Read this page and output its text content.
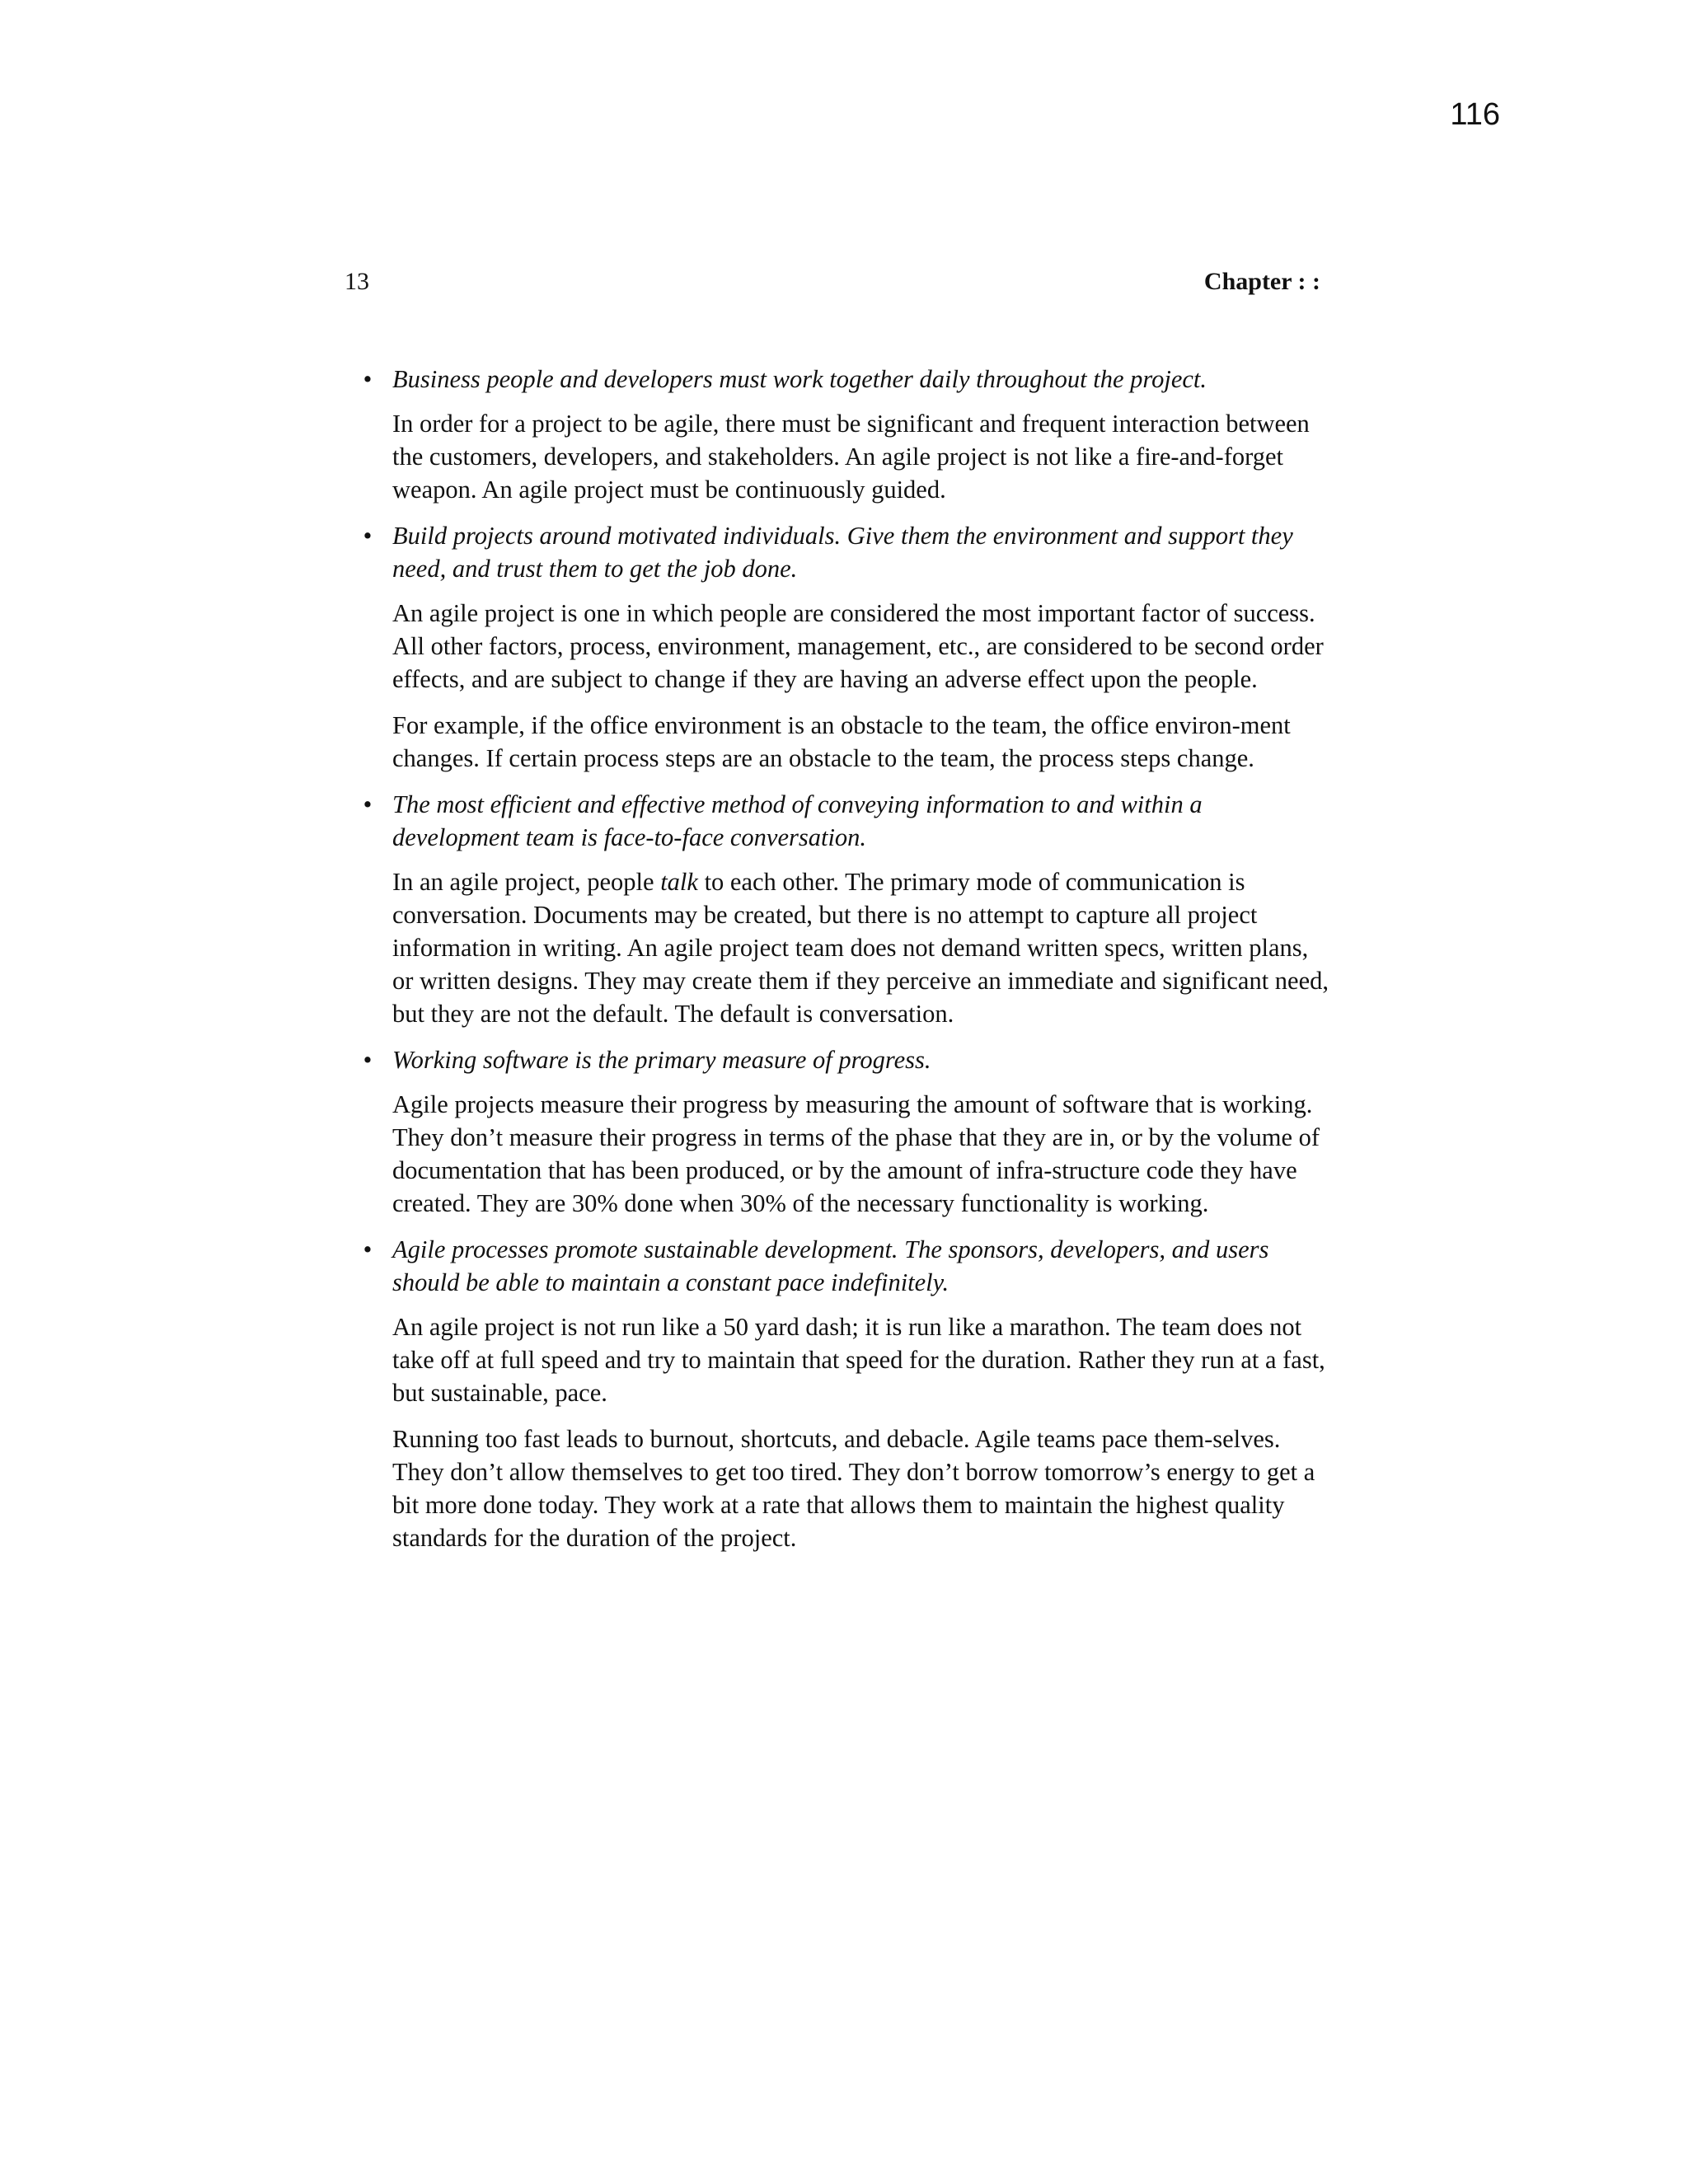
116
13	Chapter : :
• Business people and developers must work together daily throughout the project.

In order for a project to be agile, there must be significant and frequent interaction between the customers, developers, and stakeholders. An agile project is not like a fire-and-forget weapon. An agile project must be continuously guided.

• Build projects around motivated individuals. Give them the environment and support they need, and trust them to get the job done.

An agile project is one in which people are considered the most important factor of success. All other factors, process, environment, management, etc., are considered to be second order effects, and are subject to change if they are having an adverse effect upon the people.

For example, if the office environment is an obstacle to the team, the office environ-ment changes. If certain process steps are an obstacle to the team, the process steps change.

• The most efficient and effective method of conveying information to and within a development team is face-to-face conversation.

In an agile project, people talk to each other. The primary mode of communication is conversation. Documents may be created, but there is no attempt to capture all project information in writing. An agile project team does not demand written specs, written plans, or written designs. They may create them if they perceive an immediate and significant need, but they are not the default. The default is conversation.

• Working software is the primary measure of progress.

Agile projects measure their progress by measuring the amount of software that is working. They don’t measure their progress in terms of the phase that they are in, or by the volume of documentation that has been produced, or by the amount of infra-structure code they have created. They are 30% done when 30% of the necessary functionality is working.

• Agile processes promote sustainable development. The sponsors, developers, and users should be able to maintain a constant pace indefinitely.

An agile project is not run like a 50 yard dash; it is run like a marathon. The team does not take off at full speed and try to maintain that speed for the duration. Rather they run at a fast, but sustainable, pace.

Running too fast leads to burnout, shortcuts, and debacle. Agile teams pace them-selves. They don’t allow themselves to get too tired. They don’t borrow tomorrow’s energy to get a bit more done today. They work at a rate that allows them to maintain the highest quality standards for the duration of the project.
